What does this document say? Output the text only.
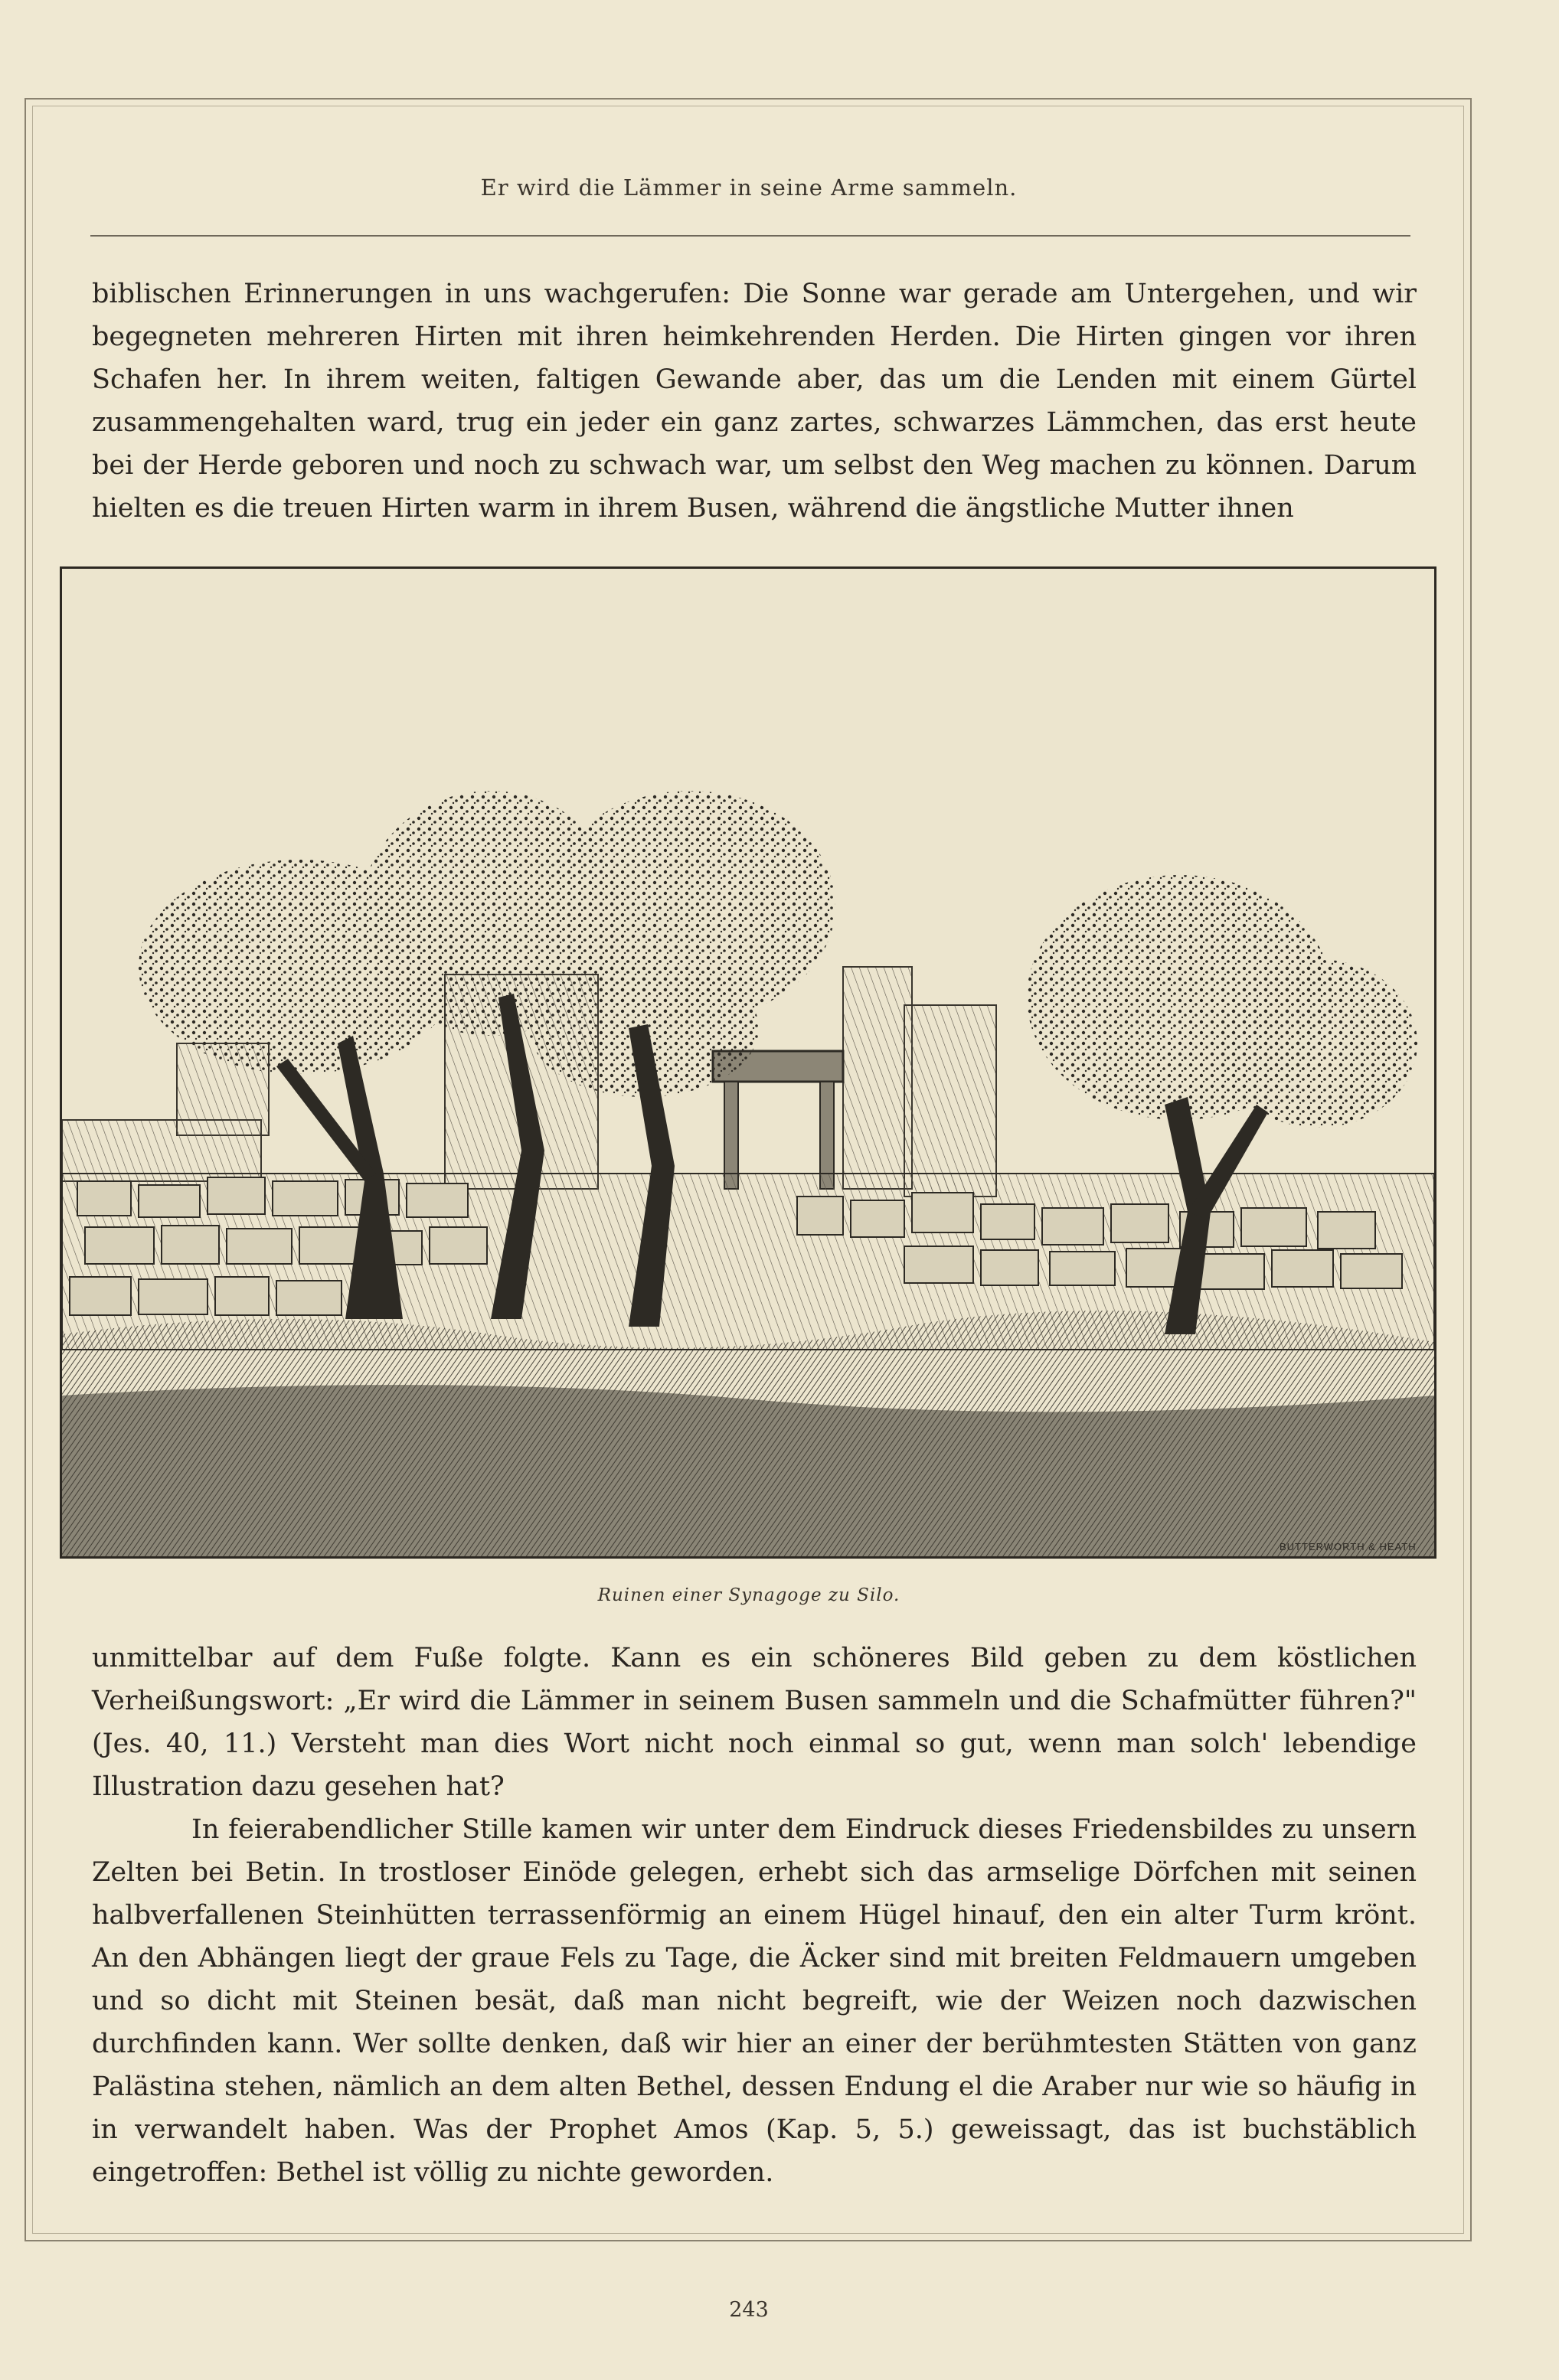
Er wird die Lämmer in seine Arme sammeln.

biblischen Erinnerungen in uns wachgerufen: Die Sonne war gerade am Untergehen, und wir begegneten mehreren Hirten mit ihren heimkehrenden Herden. Die Hirten gingen vor ihren Schafen her. In ihrem weiten, faltigen Gewande aber, das um die Lenden mit einem Gürtel zusammengehalten ward, trug ein jeder ein ganz zartes, schwarzes Lämmchen, das erst heute bei der Herde geboren und noch zu schwach war, um selbst den Weg machen zu können. Darum hielten es die treuen Hirten warm in ihrem Busen, während die ängstliche Mutter ihnen

BUTTERWORTH & HEATH
Ruinen einer Synagoge zu Silo.

unmittelbar auf dem Fuße folgte. Kann es ein schöneres Bild geben zu dem köstlichen Verheißungswort: „Er wird die Lämmer in seinem Busen sammeln und die Schafmütter führen?" (Jes. 40, 11.) Versteht man dies Wort nicht noch einmal so gut, wenn man solch' lebendige Illustration dazu gesehen hat?

In feierabendlicher Stille kamen wir unter dem Eindruck dieses Friedensbildes zu unsern Zelten bei Betin. In trostloser Einöde gelegen, erhebt sich das armselige Dörfchen mit seinen halbverfallenen Steinhütten terrassenförmig an einem Hügel hinauf, den ein alter Turm krönt. An den Abhängen liegt der graue Fels zu Tage, die Äcker sind mit breiten Feldmauern umgeben und so dicht mit Steinen besät, daß man nicht begreift, wie der Weizen noch dazwischen durchfinden kann. Wer sollte denken, daß wir hier an einer der berühmtesten Stätten von ganz Palästina stehen, nämlich an dem alten Bethel, dessen Endung el die Araber nur wie so häufig in in verwandelt haben. Was der Prophet Amos (Kap. 5, 5.) geweissagt, das ist buchstäblich eingetroffen: Bethel ist völlig zu nichte geworden.

243
